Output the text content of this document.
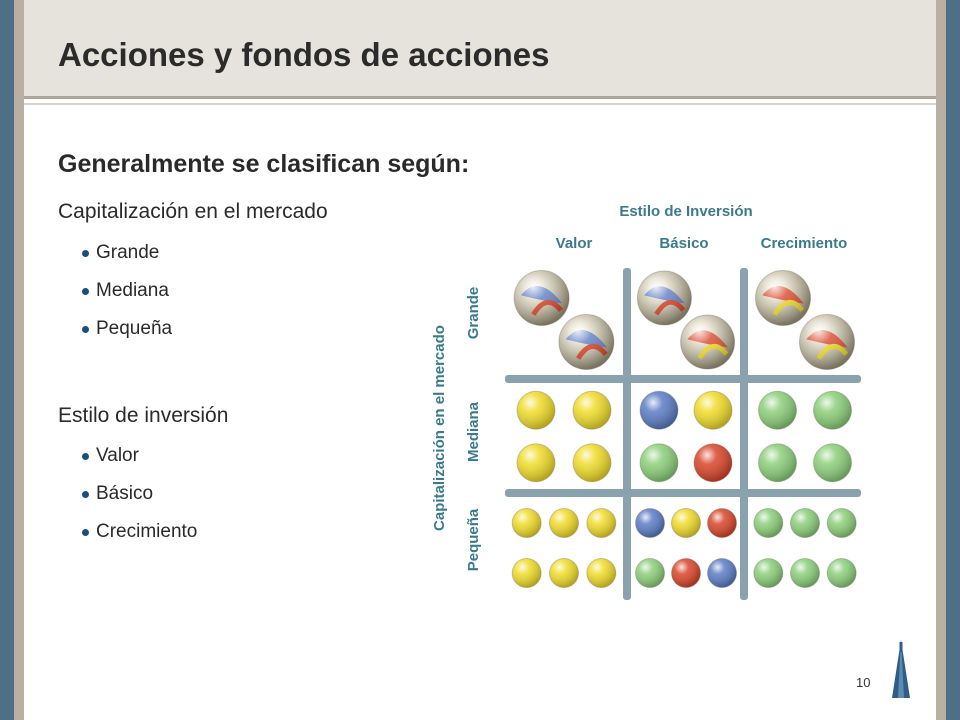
Acciones y fondos de acciones
Generalmente se clasifican según:
Capitalización en el mercado
Grande
Mediana
Pequeña
Estilo de inversión
Valor
Básico
Crecimiento
10
Estilo de Inversión
Valor	Básico	Crecimiento
Capitalización en el mercado
Grande
Mediana
Pequeña
